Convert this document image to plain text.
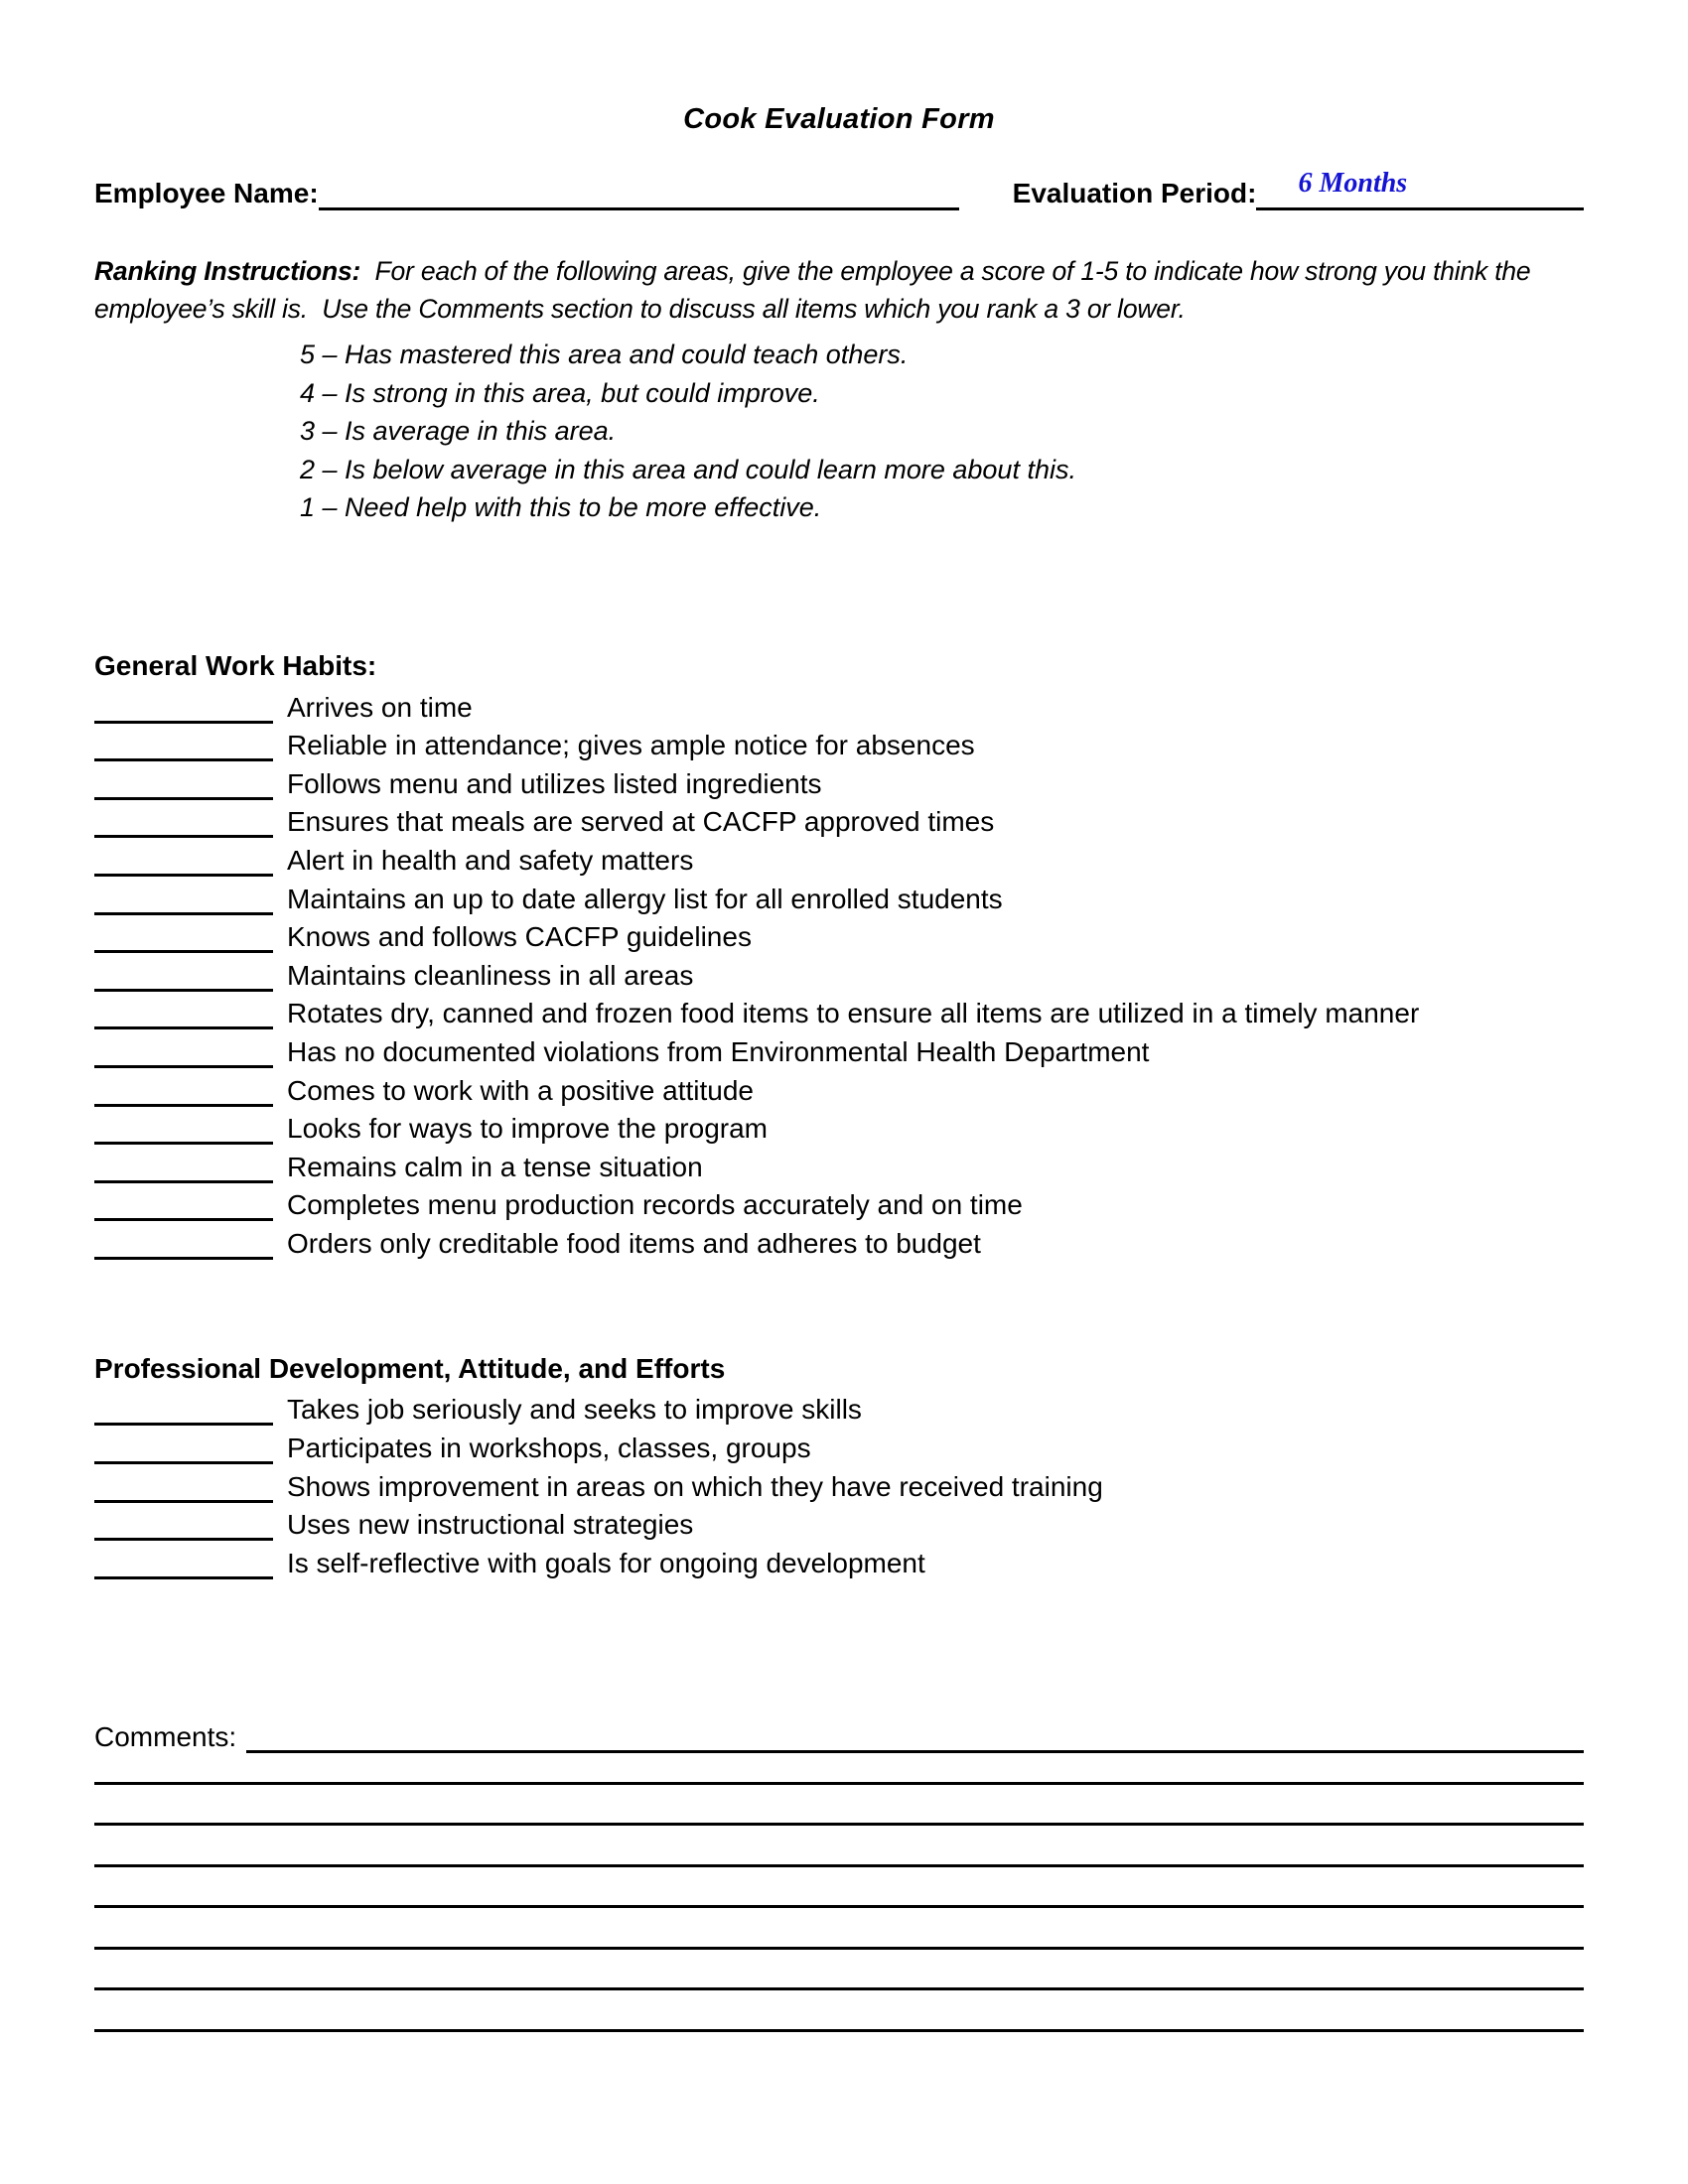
Cook Evaluation Form
Employee Name:	Evaluation Period: 6 Months

Ranking Instructions:  For each of the following areas, give the employee a score of 1-5 to indicate how strong you think the employee’s skill is.  Use the Comments section to discuss all items which you rank a 3 or lower.

5 – Has mastered this area and could teach others.
4 – Is strong in this area, but could improve.
3 – Is average in this area.
2 – Is below average in this area and could learn more about this.
1 – Need help with this to be more effective.
General Work Habits:
Arrives on time
Reliable in attendance; gives ample notice for absences
Follows menu and utilizes listed ingredients
Ensures that meals are served at CACFP approved times
Alert in health and safety matters
Maintains an up to date allergy list for all enrolled students
Knows and follows CACFP guidelines
Maintains cleanliness in all areas
Rotates dry, canned and frozen food items to ensure all items are utilized in a timely manner
Has no documented violations from Environmental Health Department
Comes to work with a positive attitude
Looks for ways to improve the program
Remains calm in a tense situation
Completes menu production records accurately and on time
Orders only creditable food items and adheres to budget
Professional Development, Attitude, and Efforts
Takes job seriously and seeks to improve skills
Participates in workshops, classes, groups
Shows improvement in areas on which they have received training
Uses new instructional strategies
Is self-reflective with goals for ongoing development
Comments:
